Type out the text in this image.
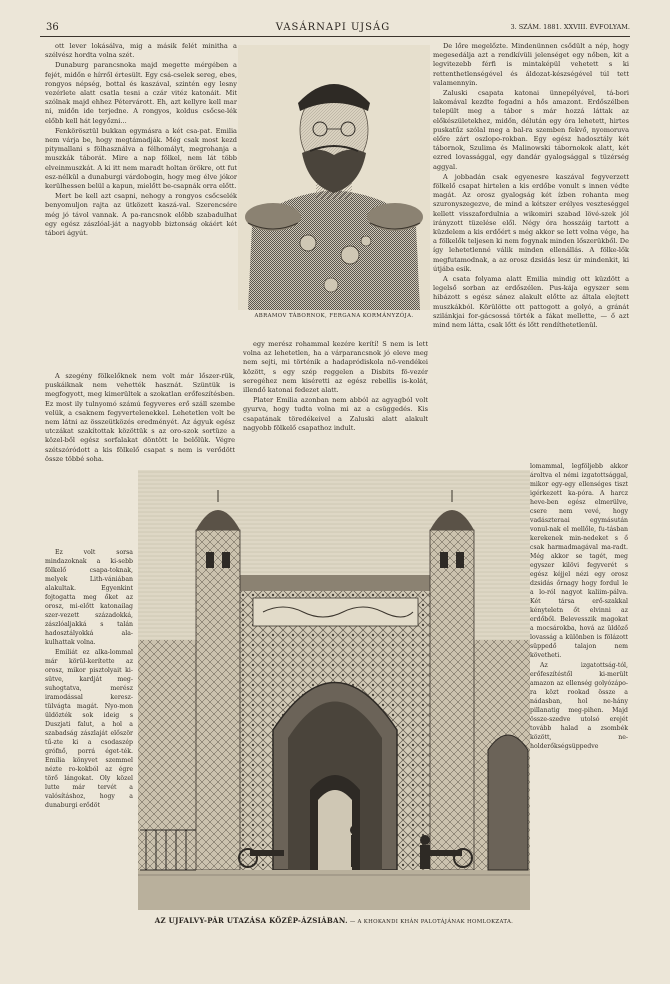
36	VASÁRNAPI UJSÁG	3. SZÁM. 1881. XXVIII. ÉVFOLYAM.

ott lever lokásálva, mig a másik felét minitha a szélvész hordta volna szét.

Dunaburg parancsnoka majd megette mérgében a fejét, midőn e hírről értesült. Egy csá-cselek sereg, ebes, rongyos népség, bottal és kaszával, szintén egy lesny vezérlete alatt csatla tesni a czár vitéz katonáit. Mit szólnak majd ehhez Pétervárott. Eh, azt kellyre kell mar ni, midőn ide terjedne. A rongyos, koldus csőcse-lék előbb kell hát legyőzni...

Fenkörösztül bukkan egymásra a két csa-pat. Emilia nem várja be, hogy megtámadják. Még csak most kezd pitymallani s fölhasználva a félhomályt, megrohanja a muszkák táborát. Mire a nap fölkel, nem lát több elveinmuszkát. A ki itt nem maradt holtan örökre, ott fut esz-nélkül a dunaburgi várdobogin, hogy meg élve jókor kerülhessen belül a kapun, mielőtt be-csapnák orra előtt.

Mert be kell azt csapni, nehogy a rongyos csőcselék benyomuljon rajta az ütközett kaszá-val. Szerencsére még jó távol vannak. A pa-rancsnok előbb szabadulhat egy egész zászlóal-ját a nagyobb biztonság okáért két tábori ágyút.

A szegény fölkelőknek nem volt már lőszer-rük, puskáiknak nem vehették hasznát. Szüntük is megfogyott, meg kimerültek a szokatlan erőfeszítésben. Ez most ily tulnyomó számú fegyveres erő száll szembe velük, a csaknem fegyvertelenekkel. Lehetetlen volt be nem látni az összeütközés eredményét. Az ágyuk egész utczákat szakítottak közöttük s az oro-szok sortüze a közel-ből egész sorfalakat döntött le belőlük. Végre szétszóródott a kis fölkelő csapat s nem is verődött össze többé soha.

Ez volt sorsa mindazoknak a ki-sebb fölkelő csapa-toknak, melyek Lith-vániában alakultak. Egyenkint fojtogatta meg őket az orosz, mi-előtt katonailag szer-vezett századokká, zászlóaljakká s talán hadosztályokká ala-kulhattak volna.

Emiliát ez alka-lommal már körül-kerítette az orosz, mikor pisztolyait ki-sütve, kardját meg-suhogtatva, merész iramodással keresz-tülvágta magát. Nyo-mon üldözték sok ideig s Duszjati falut, a hol a szabadság zászlaját először tű-zte ki a csodaszép grófnő, porrá éget-ték. Emilia könyvet szemmel nézte ro-kokból az égre törő lángokat. Oly közel lutte már tervét a valósításhoz, hogy a dunaburgi erődöt

ABRAMOV TÁBORNOK, FERGANA KORMÁNYZÓJA.

egy merész rohammal kezére kerítí! S nem is lett volna az lehetetlen, ha a várparancsnok jó eleve meg nem sejti, mi történik a hadapródiskola nö-vendékei között, s egy szép reggelen a Disbits fö-vezér seregéhez nem kiséretti az egész rebellis is-kolát, illendő katonai fedezet alatt.

Plater Emilia azonban nem abból az agyagból volt gyurva, hogy tudta volna mi az a csüggedés. Kis csapatának töredékeivel a Zaluski alatt alakult nagyobb fölkelő csapathoz indult.

De lőre megelőzte. Mindenünnen csődült a nép, hogy megesedálja azt a rendkívüli jelenséget egy nőben, kit a legvitezebb férfi is mintaképül vehetett s ki rettenthetlenségével és áldozat-készségével túl tett valamennyin.

Zaluski csapata katonai ünnepélyével, tá-bori lakomával kezdte fogadni a hős amazont. Erdőszélben települt meg a tábor s már hozzá láttak az előkészületekhez, midőn, délután egy óra lehetett, hirtes puskatűz szólal meg a bal-ra szemben fekvő, nyomoruva előre zárt oszlopo-rokban. Egy egész hadosztály két tábornok, Szulima és Malinowski tábornokok alatt, két ezred lovassággal, egy dandár gyalogsággal s tüzérség aggyal.

A jobbadán csak egyenesre kaszával fegyverzett fölkelő csapat hirtelen a kis erdőbe vonult s innen védte magát. Az orosz gyalogság két ízben rohanta meg szuronyszegezve, de mind a kétszer erélyes veszteséggel kellett visszafordulnia a wikomiri szabad lövé-szek jól irányzott tüzelése elől. Négy óra hosszáig tartott a küzdelem a kis erdőért s még akkor se lett volna vége, ha a fölkelők teljesen ki nem fogynak minden lőszerükből. De így lehetetlenné válik minden ellenállás. A fölke-lők megfutamodnak, a az orosz dzsidás lesz úr mindenkit, ki útjába esik.

A csata folyama alatt Emilia mindig ott küzdött a legelső sorban az erdőszélen. Pus-kája egyszer sem hibázott s egész sánez alakult előtte az általa elejtett muszkákból. Körülötte ott pattogott a golyó, a gránát szilánkjai for-gácsossá törték a fákat mellette, — ő azt mind nem látta, csak lőtt és lőtt rendíthetetlenül.

lomammal, legföljebb akkor ároltva el némi izgatottsággal, mikor egy-egy ellenséges tiszt igérkezett ka-póra. A harcz heve-ben egész elmerülve, csere nem vevé, hogy vadászteraai egymásután vonul-nak el mellőle, fu-tásban kerekenek min-nedeket s ő csak harmadmagával ma-radt. Még akkor se tagét, meg egyszer kilövi fegyverét s egész kéjjel nézi egy orosz dzsidás őrnagy hogy fordul le a lo-ról nagyot kaliim-pálva. Két társa erő-szakkal kényteletn őt elvinni az erdőből. Belevesszik magokat a mocsárokba, hová az üldöző lovasság a különben is fölázott süppedő talajon nem követheti.

Az izgatottság-tól, erőfeszítéstől ki-merült amazon az ellenség golyózápo-ra közt rookad össze a nádasban, hol ne-hány pillanatig meg-pihen. Majd össze-szedve utolsó erejét tovább halad a zsombék között, ne-holderőkségsüppedve

AZ UJFALVY-PÁR UTAZÁSA KÖZÉP-ÁZSIÁBAN. — A KHOKANDI KHÁN PALOTÁJÁNAK HOMLOKZATA.
